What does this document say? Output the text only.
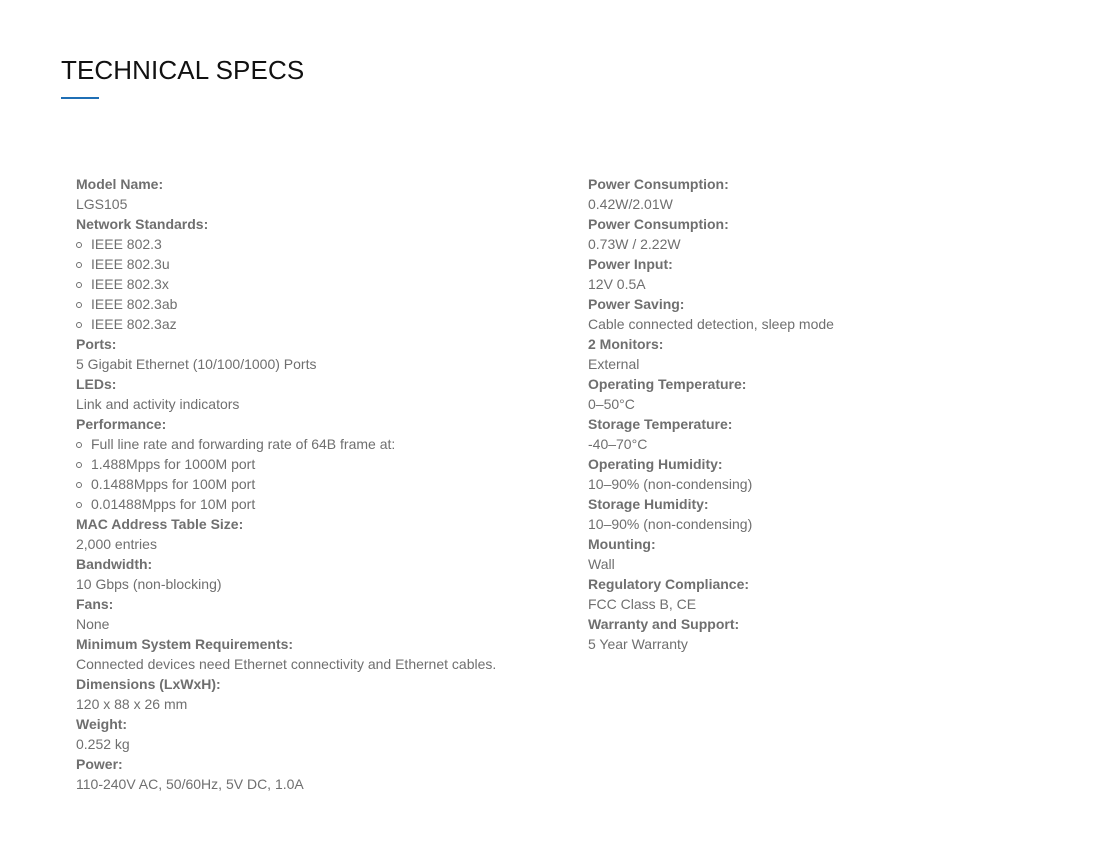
TECHNICAL SPECS
Model Name:
LGS105
Network Standards:
IEEE 802.3
IEEE 802.3u
IEEE 802.3x
IEEE 802.3ab
IEEE 802.3az
Ports:
5 Gigabit Ethernet (10/100/1000) Ports
LEDs:
Link and activity indicators
Performance:
Full line rate and forwarding rate of 64B frame at:
1.488Mpps for 1000M port
0.1488Mpps for 100M port
0.01488Mpps for 10M port
MAC Address Table Size:
2,000 entries
Bandwidth:
10 Gbps (non-blocking)
Fans:
None
Minimum System Requirements:
Connected devices need Ethernet connectivity and Ethernet cables.
Dimensions (LxWxH):
120 x 88 x 26 mm
Weight:
0.252 kg
Power:
110-240V AC, 50/60Hz, 5V DC, 1.0A
Power Consumption:
0.42W/2.01W
Power Consumption:
0.73W / 2.22W
Power Input:
12V 0.5A
Power Saving:
Cable connected detection, sleep mode
2 Monitors:
External
Operating Temperature:
0–50°C
Storage Temperature:
-40–70°C
Operating Humidity:
10–90% (non-condensing)
Storage Humidity:
10–90% (non-condensing)
Mounting:
Wall
Regulatory Compliance:
FCC Class B, CE
Warranty and Support:
5 Year Warranty
